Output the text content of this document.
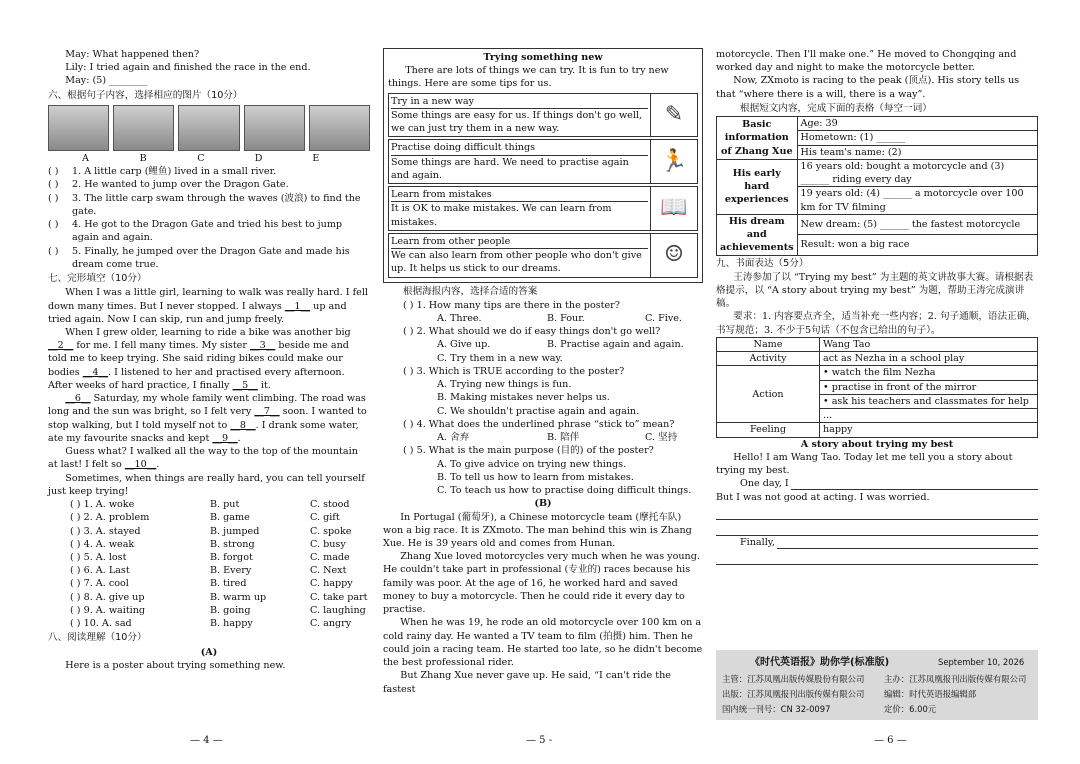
May: What happened then?

Lily: I tried again and finished the race in the end.

May: (5) ________

六、根据句子内容，选择相应的图片（10分）

A	B	C	D	E
( ) 1. A little carp (鲤鱼) lived in a small river.
( ) 2. He wanted to jump over the Dragon Gate.
( ) 3. The little carp swam through the waves (波浪) to find the gate.
( ) 4. He got to the Dragon Gate and tried his best to jump again and again.
( ) 5. Finally, he jumped over the Dragon Gate and made his dream come true.

七、完形填空（10分）

When I was a little girl, learning to walk was really hard. I fell down many times. But I never stopped. I always __1__ up and tried again. Now I can skip, run and jump freely.

When I grew older, learning to ride a bike was another big __2__ for me. I fell many times. My sister __3__ beside me and told me to keep trying. She said riding bikes could make our bodies __4__. I listened to her and practised every afternoon. After weeks of hard practice, I finally __5__ it.

__6__ Saturday, my whole family went climbing. The road was long and the sun was bright, so I felt very __7__ soon. I wanted to stop walking, but I told myself not to __8__. I drank some water, ate my favourite snacks and kept __9__.

Guess what? I walked all the way to the top of the mountain at last! I felt so __10__.

Sometimes, when things are really hard, you can tell yourself just keep trying!

( ) 1. A. woke	B. put	C. stood
( ) 2. A. problem	B. game	C. gift
( ) 3. A. stayed	B. jumped	C. spoke
( ) 4. A. weak	B. strong	C. busy
( ) 5. A. lost	B. forgot	C. made
( ) 6. A. Last	B. Every	C. Next
( ) 7. A. cool	B. tired	C. happy
( ) 8. A. give up	B. warm up	C. take part
( ) 9. A. waiting	B. going	C. laughing
( ) 10. A. sad	B. happy	C. angry

八、阅读理解（10分）

(A)

Here is a poster about trying something new.

Trying something new

There are lots of things we can try. It is fun to try new things. Here are some tips for us.

Try in a new way
Some things are easy for us. If things don't go well, we can just try them in a new way.
✎
Practise doing difficult things
Some things are hard. We need to practise again and again.
🏃
Learn from mistakes
It is OK to make mistakes. We can learn from mistakes.
📖
Learn from other people
We can also learn from other people who don't give up. It helps us stick to our dreams.
☺

根据海报内容，选择合适的答案

( ) 1. How many tips are there in the poster?

A. Three.	B. Four.	C. Five.

( ) 2. What should we do if easy things don't go well?

A. Give up.	B. Practise again and again.

C. Try them in a new way.

( ) 3. Which is TRUE according to the poster?

A. Trying new things is fun.

B. Making mistakes never helps us.

C. We shouldn't practise again and again.

( ) 4. What does the underlined phrase “stick to” mean?

A. 舍弃	B. 陪伴	C. 坚持

( ) 5. What is the main purpose (目的) of the poster?

A. To give advice on trying new things.

B. To tell us how to learn from mistakes.

C. To teach us how to practise doing difficult things.

(B)

In Portugal (葡萄牙), a Chinese motorcycle team (摩托车队) won a big race. It is ZXmoto. The man behind this win is Zhang Xue. He is 39 years old and comes from Hunan.

Zhang Xue loved motorcycles very much when he was young. He couldn't take part in professional (专业的) races because his family was poor. At the age of 16, he worked hard and saved money to buy a motorcycle. Then he could ride it every day to practise.

When he was 19, he rode an old motorcycle over 100 km on a cold rainy day. He wanted a TV team to film (拍摄) him. Then he could join a racing team. He started too late, so he didn't become the best professional rider.

But Zhang Xue never gave up. He said, “I can't ride the fastest

motorcycle. Then I'll make one.” He moved to Chongqing and worked day and night to make the motorcycle better.

Now, ZXmoto is racing to the peak (顶点). His story tells us that “where there is a will, there is a way”.

根据短文内容，完成下面的表格（每空一词）

Basic information of Zhang Xue	Age: 39
	Hometown: (1) ______
	His team's name: (2)
His early hard experiences	16 years old: bought a motorcycle and (3) ______ riding every day
	19 years old: (4) ______ a motorcycle over 100 km for TV filming
His dream and achievements	New dream: (5) ______ the fastest motorcycle
	Result: won a big race

九、书面表达（5分）

王涛参加了以 “Trying my best” 为主题的英文讲故事大赛。请根据表格提示，以 “A story about trying my best” 为题，帮助王涛完成演讲稿。

要求：1. 内容要点齐全，适当补充一些内容；2. 句子通顺，语法正确，书写规范；3. 不少于5句话（不包含已给出的句子）。

Name	Wang Tao
Activity	act as Nezha in a school play
Action	• watch the film Nezha
	• practise in front of the mirror
	• ask his teachers and classmates for help
	...
Feeling	happy

A story about trying my best

Hello! I am Wang Tao. Today let me tell you a story about trying my best.

One day, I

But I was not good at acting. I was worried.

Finally,
《时代英语报》助你学(标准版)	September 10, 2026
主管：江苏凤凰出版传媒股份有限公司 主办：江苏凤凰报刊出版传媒有限公司
出版：江苏凤凰报刊出版传媒有限公司 编辑：时代英语报编辑部
国内统一刊号：CN 32-0097	定价：6.00元
— 4 —	— 5 -	— 6 —
